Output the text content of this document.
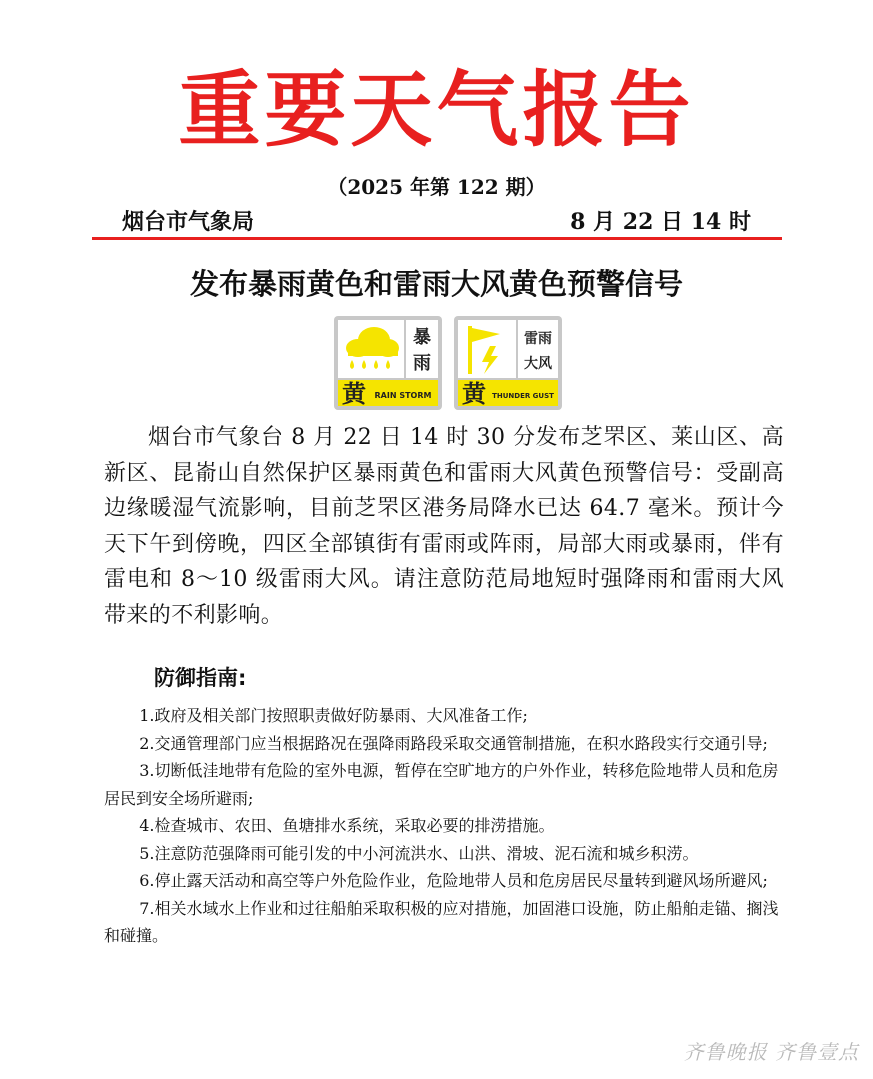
重要天气报告
（2025 年第 122 期）
烟台市气象局	8 月 22 日 14 时
发布暴雨黄色和雷雨大风黄色预警信号
暴
雨
黄 RAIN STORM
雷雨
大风
黄 THUNDER GUST
烟台市气象台 8 月 22 日 14 时 30 分发布芝罘区、莱山区、高新区、昆嵛山自然保护区暴雨黄色和雷雨大风黄色预警信号：受副高边缘暖湿气流影响，目前芝罘区港务局降水已达 64.7 毫米。预计今天下午到傍晚，四区全部镇街有雷雨或阵雨，局部大雨或暴雨，伴有雷电和 8～10 级雷雨大风。请注意防范局地短时强降雨和雷雨大风带来的不利影响。
防御指南:
1.政府及相关部门按照职责做好防暴雨、大风准备工作;
2.交通管理部门应当根据路况在强降雨路段采取交通管制措施，在积水路段实行交通引导;
3.切断低洼地带有危险的室外电源，暂停在空旷地方的户外作业，转移危险地带人员和危房居民到安全场所避雨;
4.检查城市、农田、鱼塘排水系统，采取必要的排涝措施。
5.注意防范强降雨可能引发的中小河流洪水、山洪、滑坡、泥石流和城乡积涝。
6.停止露天活动和高空等户外危险作业，危险地带人员和危房居民尽量转到避风场所避风;
7.相关水域水上作业和过往船舶采取积极的应对措施，加固港口设施，防止船舶走锚、搁浅和碰撞。
齐鲁晚报 齐鲁壹点
